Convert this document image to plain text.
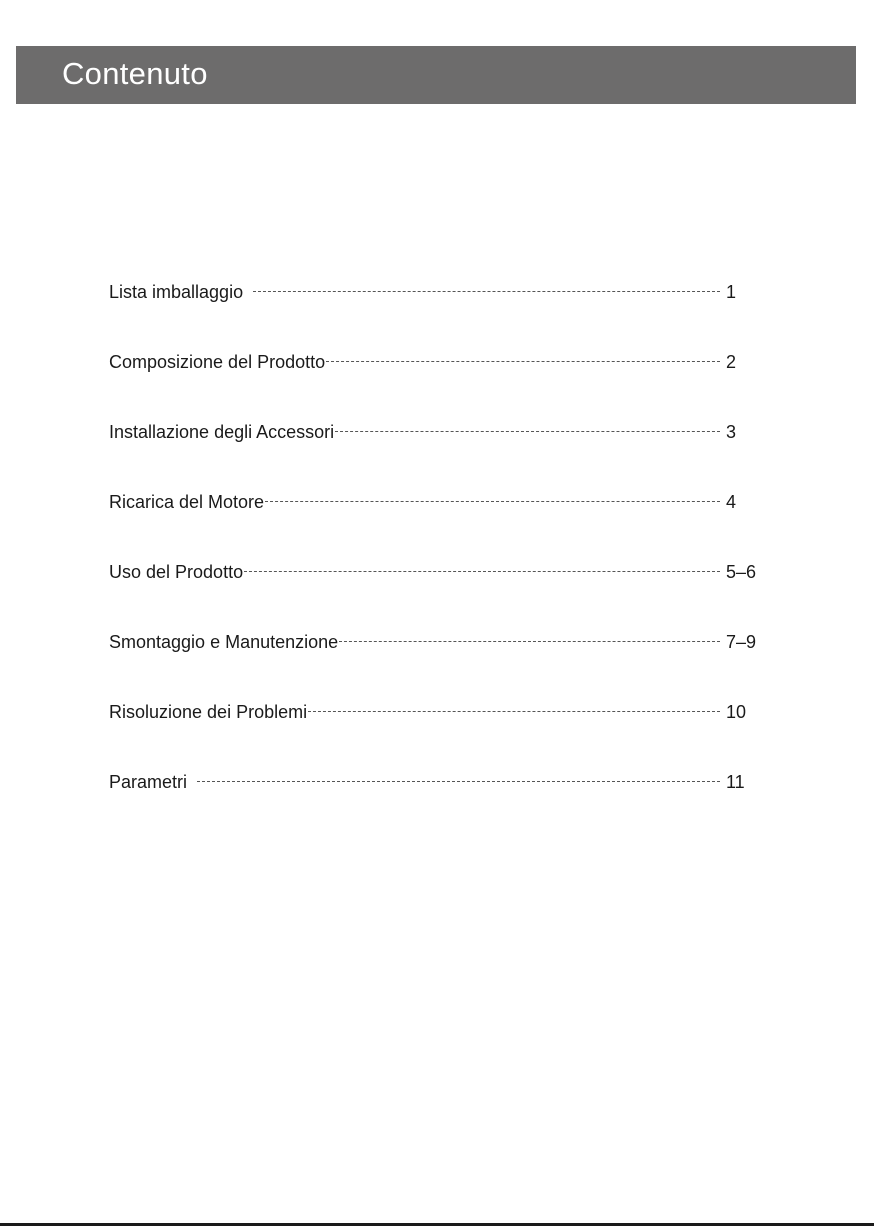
Contenuto
Lista imballaggio	1
Composizione del Prodotto	2
Installazione degli Accessori	3
Ricarica del Motore	4
Uso del Prodotto	5–6
Smontaggio e Manutenzione	7–9
Risoluzione dei Problemi	10
Parametri	11
